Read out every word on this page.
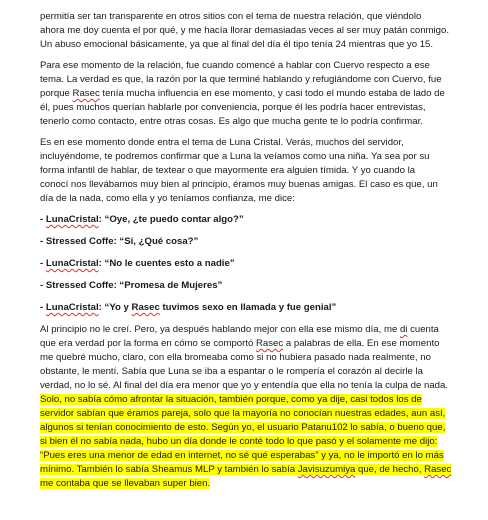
permitía ser tan transparente en otros sitios con el tema de nuestra relación, que viéndolo
ahora me doy cuenta el por qué, y me hacía llorar demasiadas veces al ser muy patán conmigo.
Un abuso emocional básicamente, ya que al final del día él tipo tenía 24 mientras que yo 15.

Para ese momento de la relación, fue cuando comencé a hablar con Cuervo respecto a ese
tema. La verdad es que, la razón por la que terminé hablando y refugiándome con Cuervo, fue
porque Rasec tenía mucha influencia en ese momento, y casi todo el mundo estaba de lado de
él, pues muchos querían hablarle por conveniencia, porque él les podría hacer entrevistas,
tenerlo como contacto, entre otras cosas. Es algo que mucha gente te lo podría confirmar.

Es en ese momento donde entra el tema de Luna Cristal. Verás, muchos del servidor,
incluyéndome, te podremos confirmar que a Luna la veíamos como una niña. Ya sea por su
forma infantil de hablar, de textear o que mayormente era alguien tímida. Y yo cuando la
conocí nos llevábamos muy bien al principio, éramos muy buenas amigas. El caso es que, un
día de la nada, como ella y yo teníamos confianza, me dice:

- LunaCristal: “Oye, ¿te puedo contar algo?”

- Stressed Coffe: “Si, ¿Qué cosa?”

- LunaCristal: “No le cuentes esto a nadie”

- Stressed Coffe: “Promesa de Mujeres”

- LunaCristal: “Yo y Rasec tuvimos sexo en llamada y fue genial”

Al principio no le creí. Pero, ya después hablando mejor con ella ese mismo día, me di cuenta
que era verdad por la forma en cómo se comportó Rasec a palabras de ella. En ese momento
me quebré mucho, claro, con ella bromeaba como si no hubiera pasado nada realmente, no
obstante, le mentí. Sabía que Luna se iba a espantar o le rompería el corazón al decirle la
verdad, no lo sé. Al final del día era menor que yo y entendía que ella no tenía la culpa de nada.

Solo, no sabía cómo afrontar la situación, también porque, como ya dije, casi todos los de
servidor sabían que éramos pareja, solo que la mayoría no conocían nuestras edades, aun así,
algunos si tenían conocimiento de esto. Según yo, el usuario Patanu102 lo sabía, o bueno que,
si bien él no sabía nada, hubo un día donde le conté todo lo que pasó y el solamente me dijo:
“Pues eres una menor de edad en internet, no sé qué esperabas” y ya, no le importó en lo más
mínimo. También lo sabía Sheamus MLP y también lo sabía Javisuzumiya que, de hecho, Rasec
me contaba que se llevaban super bien.
